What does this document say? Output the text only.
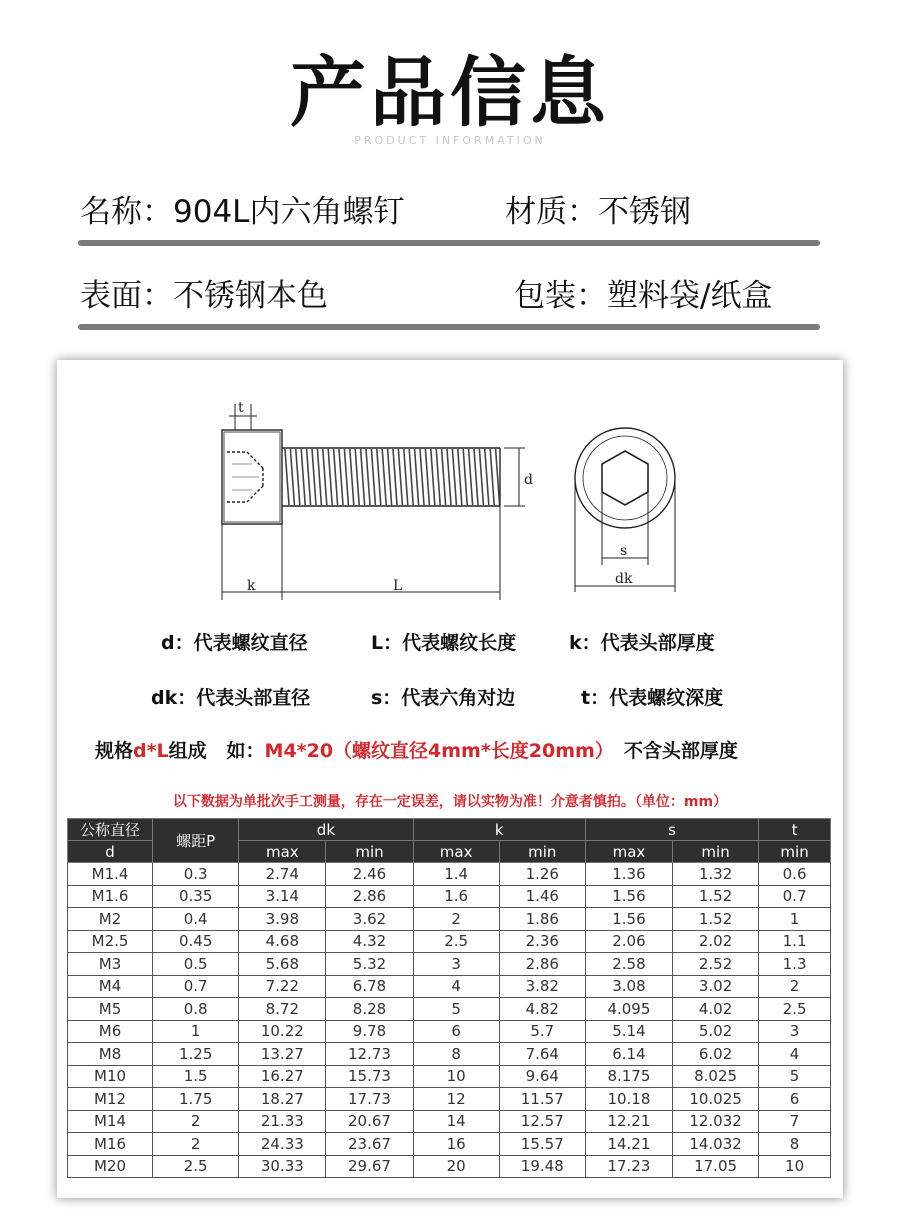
产品信息
PRODUCT INFORMATION
名称：904L内六角螺钉	材质：不锈钢
表面：不锈钢本色	包装：塑料袋/纸盒
t
d
k	L
s
dk
d：代表螺纹直径	L：代表螺纹长度	k：代表头部厚度
dk：代表头部直径	s：代表六角对边	t：代表螺纹深度
规格d*L组成   如：M4*20（螺纹直径4mm*长度20mm） 不含头部厚度
以下数据为单批次手工测量，存在一定误差，请以实物为准！介意者慎拍。（单位：mm）
公称直径	螺距P	dk		k		s		t
d		max	min	max	min	max	min	min
M1.4	0.3	2.74	2.46	1.4	1.26	1.36	1.32	0.6
M1.6	0.35	3.14	2.86	1.6	1.46	1.56	1.52	0.7
M2	0.4	3.98	3.62	2	1.86	1.56	1.52	1
M2.5	0.45	4.68	4.32	2.5	2.36	2.06	2.02	1.1
M3	0.5	5.68	5.32	3	2.86	2.58	2.52	1.3
M4	0.7	7.22	6.78	4	3.82	3.08	3.02	2
M5	0.8	8.72	8.28	5	4.82	4.095	4.02	2.5
M6	1	10.22	9.78	6	5.7	5.14	5.02	3
M8	1.25	13.27	12.73	8	7.64	6.14	6.02	4
M10	1.5	16.27	15.73	10	9.64	8.175	8.025	5
M12	1.75	18.27	17.73	12	11.57	10.18	10.025	6
M14	2	21.33	20.67	14	12.57	12.21	12.032	7
M16	2	24.33	23.67	16	15.57	14.21	14.032	8
M20	2.5	30.33	29.67	20	19.48	17.23	17.05	10
